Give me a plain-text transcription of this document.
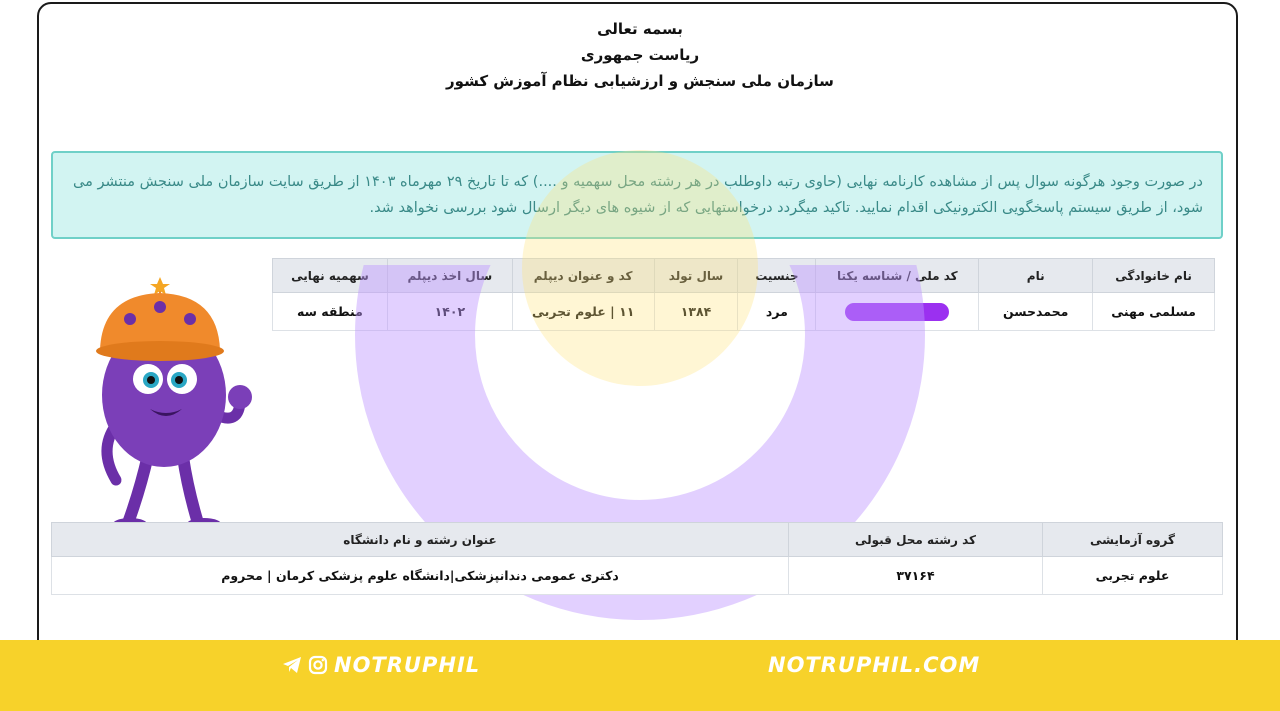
بسمه تعالی
ریاست جمهوری
سازمان ملی سنجش و ارزشیابی نظام آموزش کشور
در صورت وجود هرگونه سوال پس از مشاهده کارنامه نهایی (حاوی رتبه داوطلب در هر رشته محل سهمیه و ....) که تا تاریخ ۲۹ مهرماه ۱۴۰۳ از طریق سایت سازمان ملی سنجش منتشر می شود، از طریق سیستم پاسخگویی الکترونیکی اقدام نمایید. تاکید میگردد درخواستهایی که از شیوه های دیگر ارسال شود بررسی نخواهد شد.
نام خانوادگی	نام	کد ملی / شناسه یکتا	جنسیت	سال تولد	کد و عنوان دیپلم	سال اخذ دیپلم	سهمیه نهایی
مسلمی مهنی	محمدحسن		مرد	۱۳۸۴	۱۱ | علوم تجربی	۱۴۰۲	منطقه سه
گروه آزمایشی	کد رشته محل قبولی	عنوان رشته و نام دانشگاه
علوم تجربی	۳۷۱۶۴	دکتری عمومی دندانپزشکی|دانشگاه علوم پزشکی کرمان | محروم
NOTRUPHIL	NOTRUPHIL.COM
